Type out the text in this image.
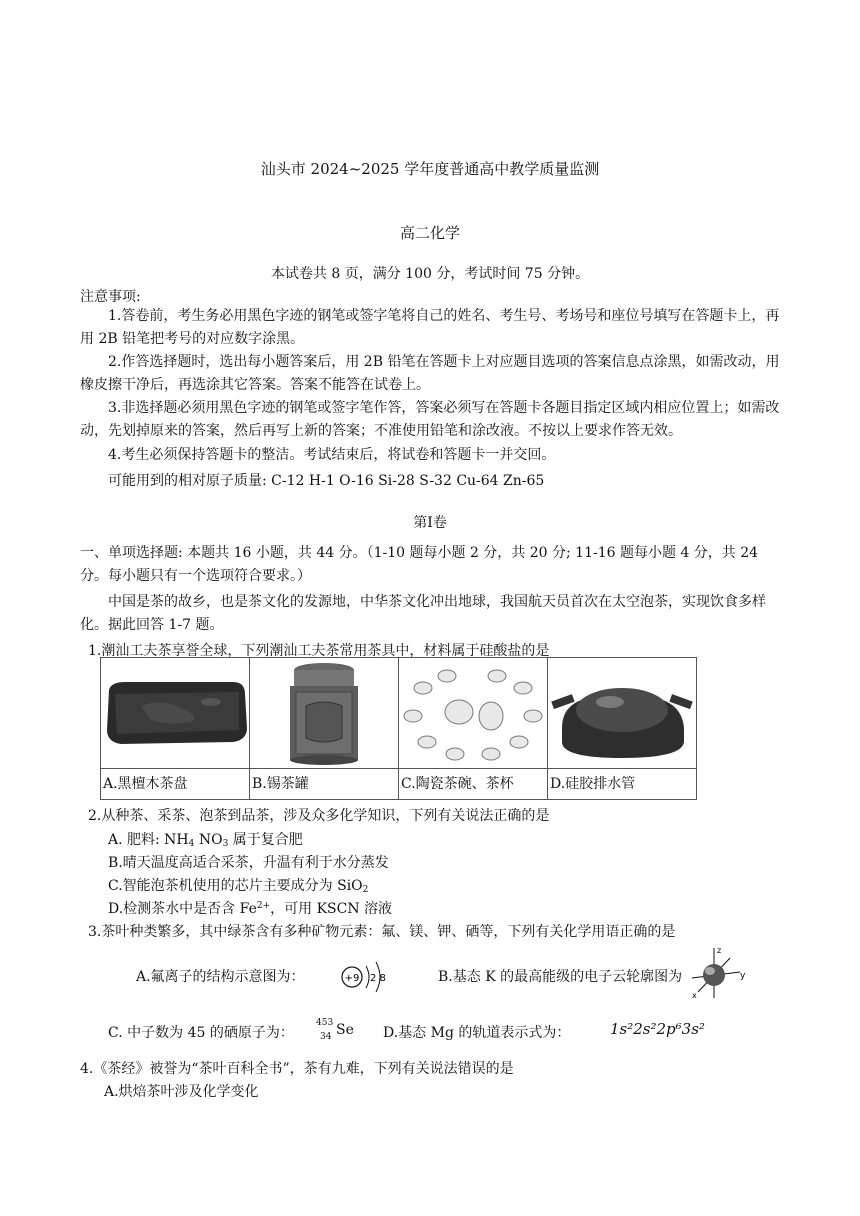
汕头市 2024~2025 学年度普通高中教学质量监测
高二化学
本试卷共 8 页，满分 100 分，考试时间 75 分钟。
注意事项:
1.答卷前，考生务必用黑色字迹的钢笔或签字笔将自己的姓名、考生号、考场号和座位号填写在答题卡上，再用 2B 铅笔把考号的对应数字涂黑。
2.作答选择题时，选出每小题答案后，用 2B 铅笔在答题卡上对应题目选项的答案信息点涂黑，如需改动，用橡皮擦干净后，再选涂其它答案。答案不能答在试卷上。
3.非选择题必须用黑色字迹的钢笔或签字笔作答，答案必须写在答题卡各题目指定区域内相应位置上；如需改动，先划掉原来的答案，然后再写上新的答案；不准使用铅笔和涂改液。不按以上要求作答无效。
4.考生必须保持答题卡的整洁。考试结束后，将试卷和答题卡一并交回。
可能用到的相对原子质量: C-12 H-1 O-16 Si-28 S-32 Cu-64 Zn-65
第Ⅰ卷
一、单项选择题: 本题共 16 小题，共 44 分。（1-10 题每小题 2 分，共 20 分; 11-16 题每小题 4 分，共 24 分。每小题只有一个选项符合要求。）
中国是茶的故乡，也是茶文化的发源地，中华茶文化冲出地球，我国航天员首次在太空泡茶，实现饮食多样化。据此回答 1-7 题。
1.潮汕工夫茶享誉全球，下列潮汕工夫茶常用茶具中，材料属于硅酸盐的是
A.黑檀木茶盘	B.锡茶罐	C.陶瓷茶碗、茶杯	D.硅胶排水管
2.从种茶、采茶、泡茶到品茶，涉及众多化学知识，下列有关说法正确的是
A. 肥料: $NH_4$ $NO_3$ 属于复合肥
B.晴天温度高适合采茶，升温有利于水分蒸发
C.智能泡茶机使用的芯片主要成分为 SiO$_2$
D.检测茶水中是否含 $Fe^{2+}$，可用 KSCN 溶液
3.茶叶种类繁多，其中绿茶含有多种矿物元素：氟、镁、钾、硒等，下列有关化学用语正确的是
A.氟离子的结构示意图为：	+9 2 8	B.基态 K 的最高能级的电子云轮廓图为
z
y
x
C. 中子数为 45 的硒原子为：
453
34 Se D.基态 Mg 的轨道表示式为：	1s²2s²2p⁶3s²
4.《茶经》被誉为“茶叶百科全书”，茶有九难，下列有关说法错误的是
A.烘焙茶叶涉及化学变化
